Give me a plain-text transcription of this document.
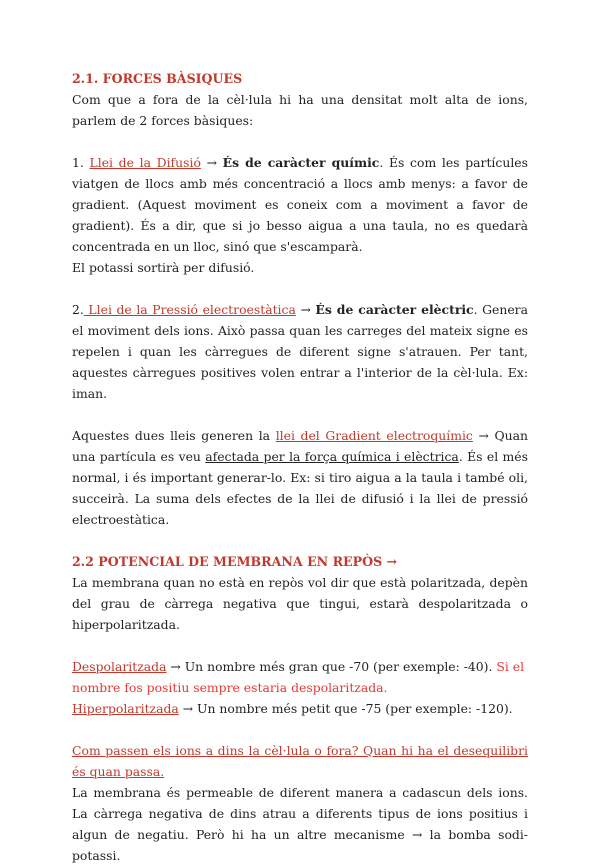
2.1. FORCES BÀSIQUES

Com que a fora de la cèl·lula hi ha una densitat molt alta de ions, parlem de 2 forces bàsiques:

1. Llei de la Difusió → És de caràcter químic. És com les partícules viatgen de llocs amb més concentració a llocs amb menys: a favor de gradient. (Aquest moviment es coneix com a moviment a favor de gradient). És a dir, que si jo besso aigua a una taula, no es quedarà concentrada en un lloc, sinó que s'escamparà.

El potassi sortirà per difusió.

2. Llei de la Pressió electroestàtica → És de caràcter elèctric. Genera el moviment dels ions. Això passa quan les carreges del mateix signe es repelen i quan les càrregues de diferent signe s'atrauen. Per tant, aquestes càrregues positives volen entrar a l'interior de la cèl·lula. Ex: iman.

Aquestes dues lleis generen la llei del Gradient electroquímic → Quan una partícula es veu afectada per la força química i elèctrica. És el més normal, i és important generar-lo. Ex: si tiro aigua a la taula i també oli, succeirà. La suma dels efectes de la llei de difusió i la llei de pressió electroestàtica.

2.2 POTENCIAL DE MEMBRANA EN REPÒS →

La membrana quan no està en repòs vol dir que està polaritzada, depèn del grau de càrrega negativa que tingui, estarà despolaritzada o hiperpolaritzada.

Despolaritzada → Un nombre més gran que -70 (per exemple: -40). Si el nombre fos positiu sempre estaria despolaritzada.

Hiperpolaritzada → Un nombre més petit que -75 (per exemple: -120).

Com passen els ions a dins la cèl·lula o fora? Quan hi ha el desequilibri és quan passa.

La membrana és permeable de diferent manera a cadascun dels ions. La càrrega negativa de dins atrau a diferents tipus de ions positius i algun de negatiu. Però hi ha un altre mecanisme → la bomba sodi-potassi.
